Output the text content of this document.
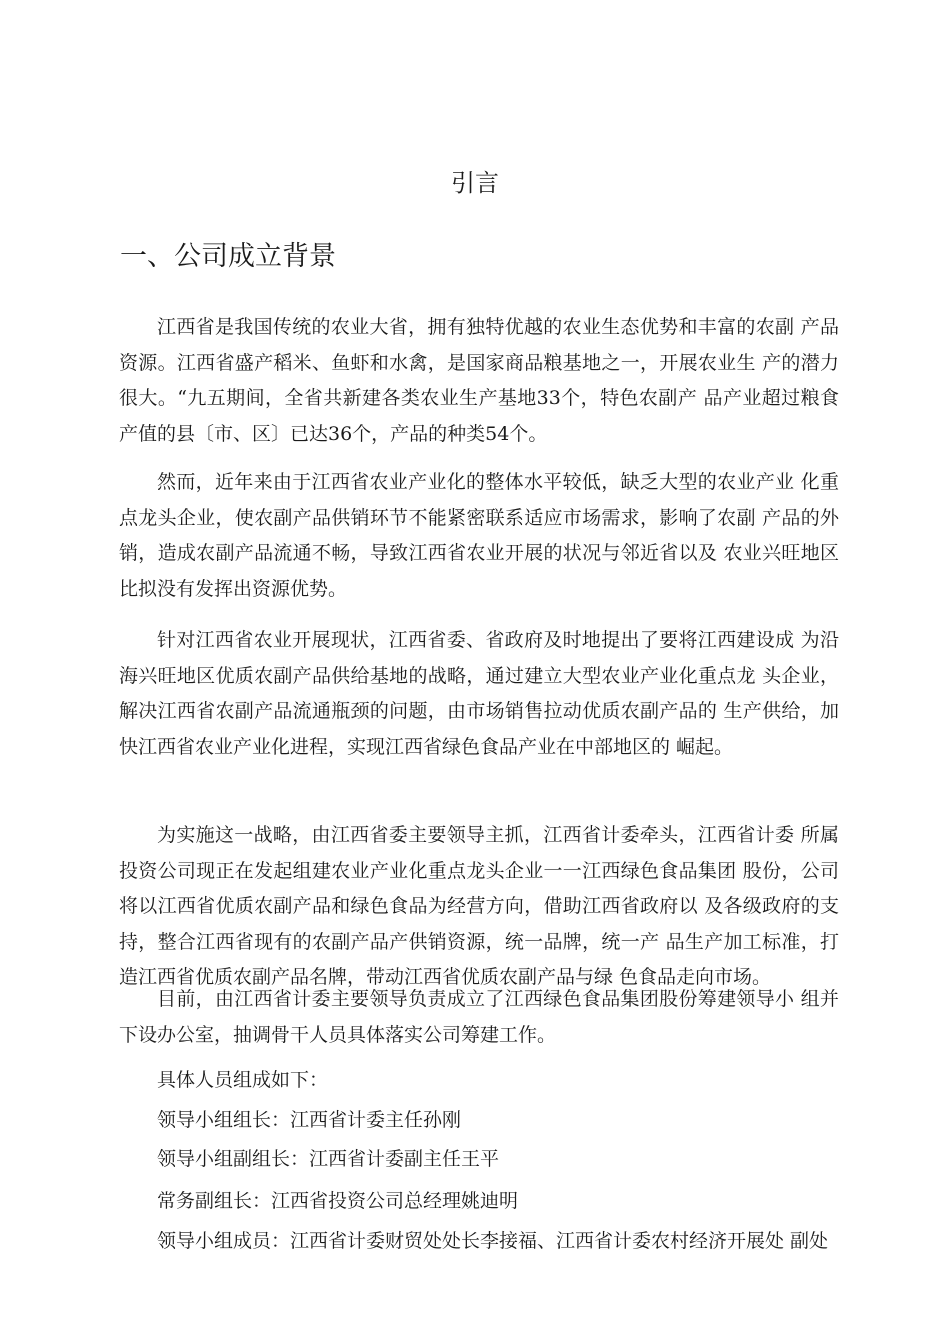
引言
一、公司成立背景

江西省是我国传统的农业大省，拥有独特优越的农业生态优势和丰富的农副 产品资源。江西省盛产稻米、鱼虾和水禽，是国家商品粮基地之一，开展农业生 产的潜力很大。“九五期间，全省共新建各类农业生产基地33个，特色农副产 品产业超过粮食产值的县〔市、区〕已达36个，产品的种类54个。

然而，近年来由于江西省农业产业化的整体水平较低，缺乏大型的农业产业 化重点龙头企业，使农副产品供销环节不能紧密联系适应市场需求，影响了农副 产品的外销，造成农副产品流通不畅，导致江西省农业开展的状况与邻近省以及 农业兴旺地区比拟没有发挥出资源优势。

针对江西省农业开展现状，江西省委、省政府及时地提出了要将江西建设成 为沿海兴旺地区优质农副产品供给基地的战略，通过建立大型农业产业化重点龙 头企业，解决江西省农副产品流通瓶颈的问题，由市场销售拉动优质农副产品的 生产供给，加快江西省农业产业化进程，实现江西省绿色食品产业在中部地区的 崛起。

为实施这一战略，由江西省委主要领导主抓，江西省计委牵头，江西省计委 所属投资公司现正在发起组建农业产业化重点龙头企业一一江西绿色食品集团 股份，公司将以江西省优质农副产品和绿色食品为经营方向，借助江西省政府以 及各级政府的支持，整合江西省现有的农副产品产供销资源，统一品牌，统一产 品生产加工标准，打造江西省优质农副产品名牌，带动江西省优质农副产品与绿 色食品走向市场。

目前，由江西省计委主要领导负责成立了江西绿色食品集团股份筹建领导小 组并下设办公室，抽调骨干人员具体落实公司筹建工作。

具体人员组成如下：

领导小组组长：江西省计委主任孙刚

领导小组副组长：江西省计委副主任王平

常务副组长：江西省投资公司总经理姚迪明

领导小组成员：江西省计委财贸处处长李接福、江西省计委农村经济开展处 副处
